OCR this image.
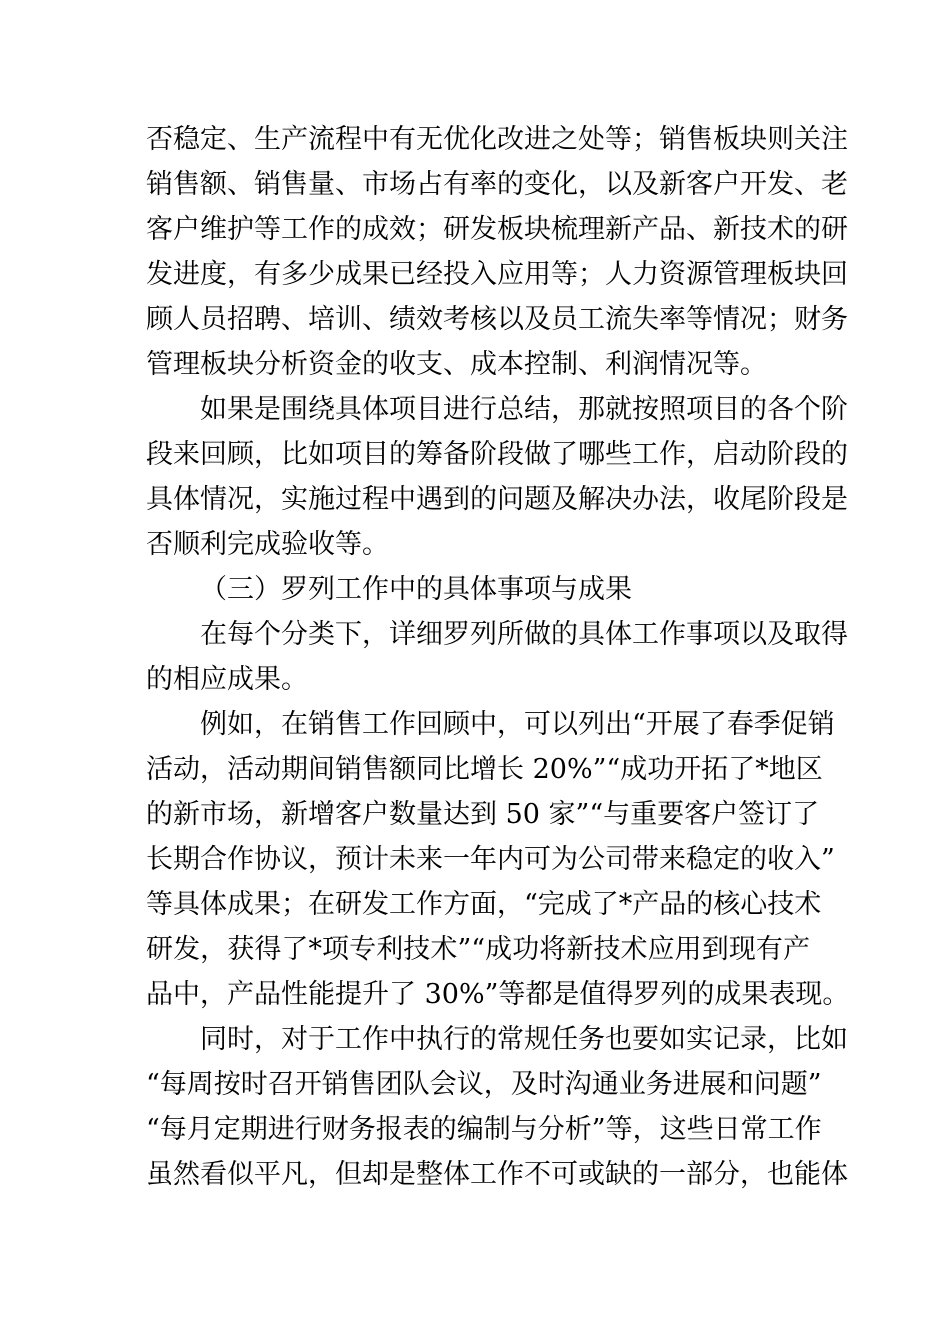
否稳定、生产流程中有无优化改进之处等；销售板块则关注
销售额、销售量、市场占有率的变化，以及新客户开发、老
客户维护等工作的成效；研发板块梳理新产品、新技术的研
发进度，有多少成果已经投入应用等；人力资源管理板块回
顾人员招聘、培训、绩效考核以及员工流失率等情况；财务
管理板块分析资金的收支、成本控制、利润情况等。
如果是围绕具体项目进行总结，那就按照项目的各个阶
段来回顾，比如项目的筹备阶段做了哪些工作，启动阶段的
具体情况，实施过程中遇到的问题及解决办法，收尾阶段是
否顺利完成验收等。
（三）罗列工作中的具体事项与成果
在每个分类下，详细罗列所做的具体工作事项以及取得
的相应成果。
例如，在销售工作回顾中，可以列出“开展了春季促销
活动，活动期间销售额同比增长 20%”“成功开拓了*地区
的新市场，新增客户数量达到 50 家”“与重要客户签订了
长期合作协议，预计未来一年内可为公司带来稳定的收入”
等具体成果；在研发工作方面，“完成了*产品的核心技术
研发，获得了*项专利技术”“成功将新技术应用到现有产
品中，产品性能提升了 30%”等都是值得罗列的成果表现。
同时，对于工作中执行的常规任务也要如实记录，比如
“每周按时召开销售团队会议，及时沟通业务进展和问题”
“每月定期进行财务报表的编制与分析”等，这些日常工作
虽然看似平凡，但却是整体工作不可或缺的一部分，也能体
